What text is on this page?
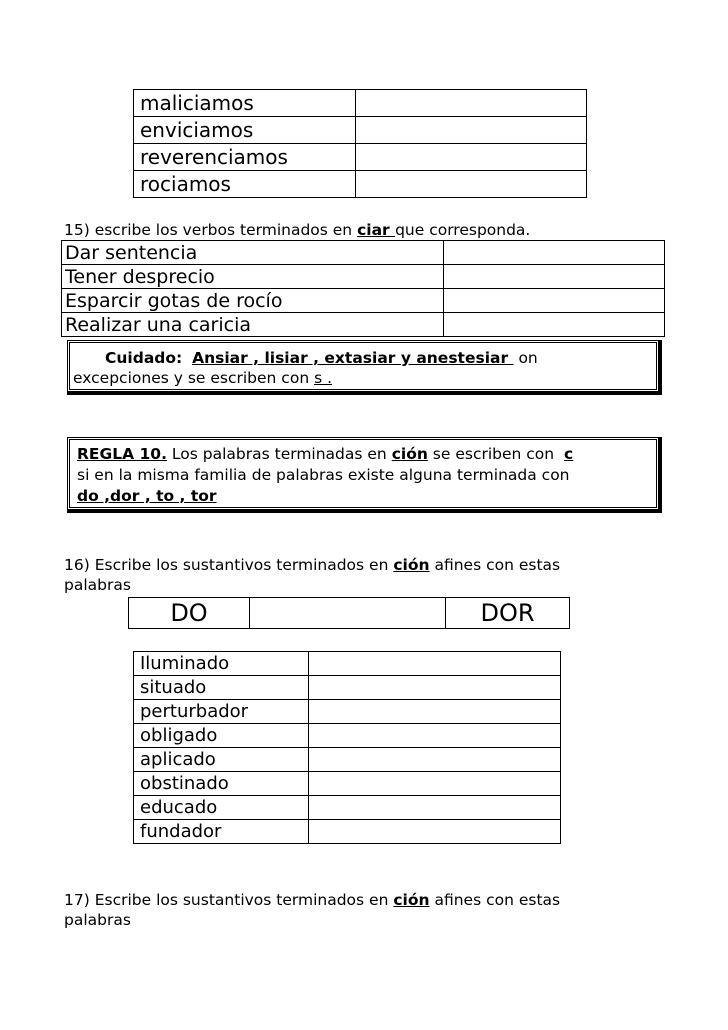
maliciamos	
enviciamos	
reverenciamos	
rociamos	
15) escribe los verbos terminados en ciar que corresponda.
Dar sentencia	
Tener desprecio	
Esparcir gotas de rocío	
Realizar una caricia	
Cuidado: Ansiar , lisiar , extasiar y anestesiar  on
excepciones y se escriben con s .
REGLA 10. Los palabras terminadas en ción se escriben con  c
si en la misma familia de palabras existe alguna terminada con
do ,dor , to , tor
16) Escribe los sustantivos terminados en ción afines con estas
palabras
DO		DOR
Iluminado	
situado	
perturbador	
obligado	
aplicado	
obstinado	
educado	
fundador	
17) Escribe los sustantivos terminados en ción afines con estas
palabras
